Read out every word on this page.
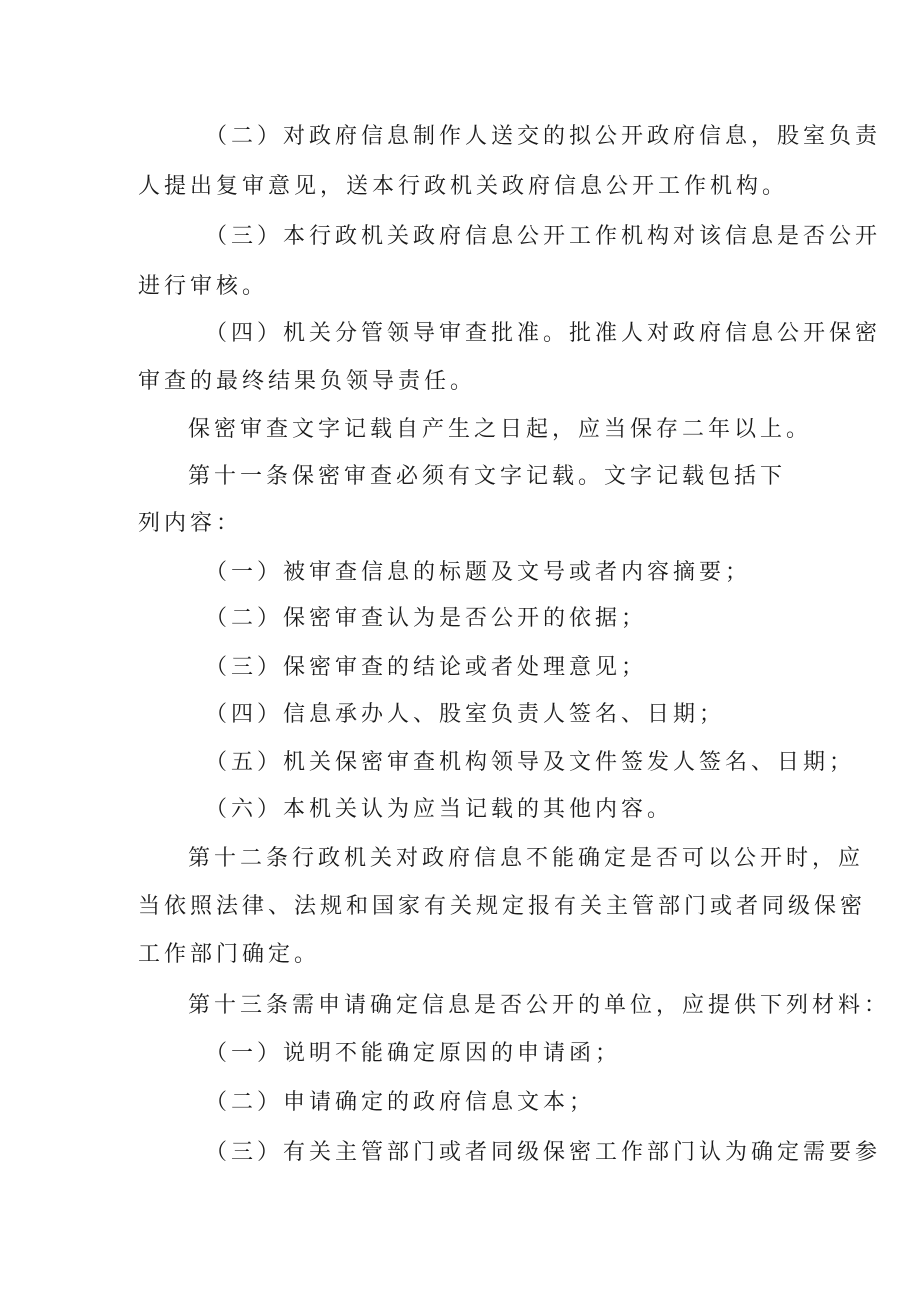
（二）对政府信息制作人送交的拟公开政府信息，股室负责

人提出复审意见，送本行政机关政府信息公开工作机构。

（三）本行政机关政府信息公开工作机构对该信息是否公开

进行审核。

（四）机关分管领导审查批准。批准人对政府信息公开保密

审查的最终结果负领导责任。

保密审查文字记载自产生之日起，应当保存二年以上。

第十一条保密审查必须有文字记载。文字记载包括下

列内容：

（一）被审查信息的标题及文号或者内容摘要；

（二）保密审查认为是否公开的依据；

（三）保密审查的结论或者处理意见；

（四）信息承办人、股室负责人签名、日期；

（五）机关保密审查机构领导及文件签发人签名、日期；

（六）本机关认为应当记载的其他内容。

第十二条行政机关对政府信息不能确定是否可以公开时，应

当依照法律、法规和国家有关规定报有关主管部门或者同级保密

工作部门确定。

第十三条需申请确定信息是否公开的单位，应提供下列材料：

（一）说明不能确定原因的申请函；

（二）申请确定的政府信息文本；

（三）有关主管部门或者同级保密工作部门认为确定需要参
